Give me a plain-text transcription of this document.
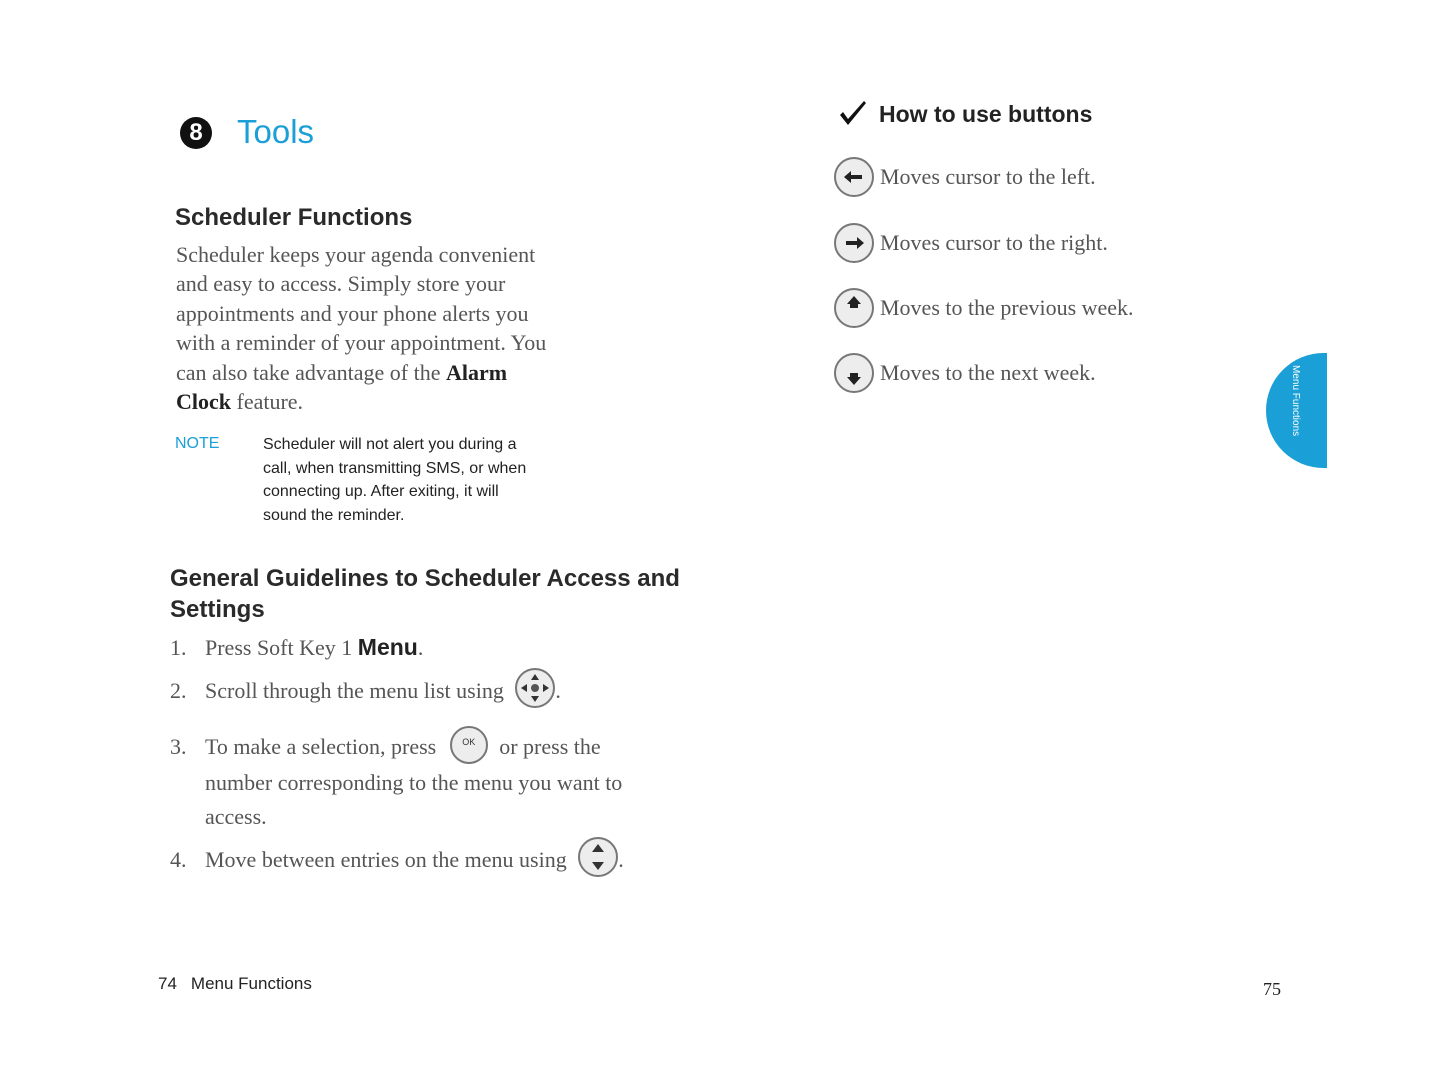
8 Tools
Scheduler Functions
Scheduler keeps your agenda convenient and easy to access. Simply store your appointments and your phone alerts you with a reminder of your appointment. You can also take advantage of the Alarm Clock feature.
NOTE	Scheduler will not alert you during a call, when transmitting SMS, or when connecting up. After exiting, it will sound the reminder.
General Guidelines to Scheduler Access and
Settings
1. Press Soft Key 1 Menu.
2. Scroll through the menu list using .
3. To make a selection, press	OK	or press the
number corresponding to the menu you want to
access.
4. Move between entries on the menu using .
74 Menu Functions
How to use buttons
Moves cursor to the left.
Moves cursor to the right.
Moves to the previous week.
Moves to the next week.	Menu Functions
75
